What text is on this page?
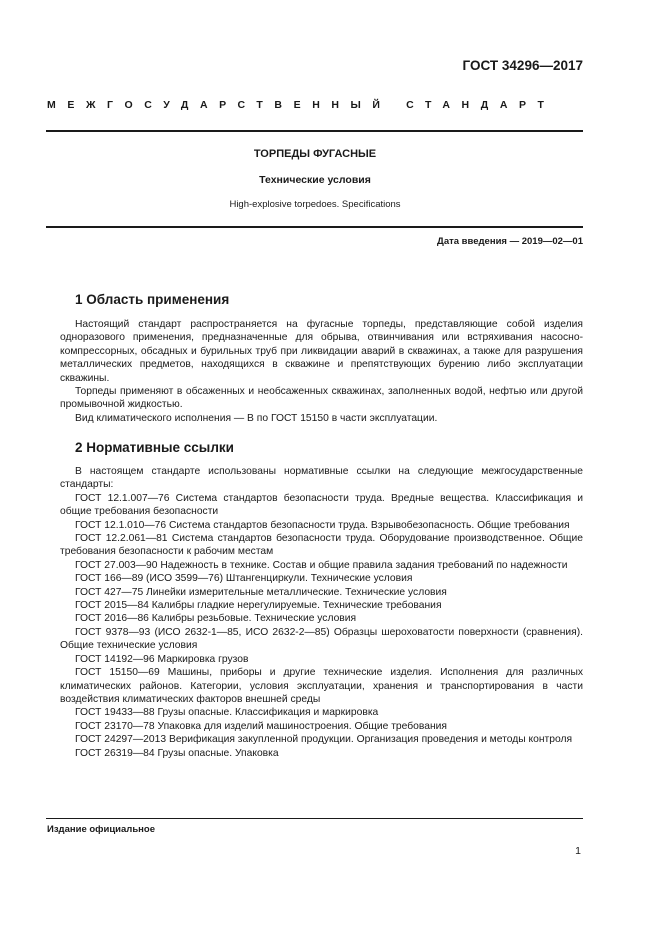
ГОСТ 34296—2017
МЕЖГОСУДАРСТВЕННЫЙ СТАНДАРТ
ТОРПЕДЫ ФУГАСНЫЕ
Технические условия
High-explosive torpedoes. Specifications
Дата введения — 2019—02—01
1 Область применения

Настоящий стандарт распространяется на фугасные торпеды, представляющие собой изделия одноразового применения, предназначенные для обрыва, отвинчивания или встряхивания насосно-компрессорных, обсадных и бурильных труб при ликвидации аварий в скважинах, а также для разрушения металлических предметов, находящихся в скважине и препятствующих бурению либо эксплуатации скважины.

Торпеды применяют в обсаженных и необсаженных скважинах, заполненных водой, нефтью или другой промывочной жидкостью.

Вид климатического исполнения — В по ГОСТ 15150 в части эксплуатации.

2 Нормативные ссылки

В настоящем стандарте использованы нормативные ссылки на следующие межгосударственные стандарты:

ГОСТ 12.1.007—76 Система стандартов безопасности труда. Вредные вещества. Классификация и общие требования безопасности

ГОСТ 12.1.010—76 Система стандартов безопасности труда. Взрывобезопасность. Общие требования

ГОСТ 12.2.061—81 Система стандартов безопасности труда. Оборудование производственное. Общие требования безопасности к рабочим местам

ГОСТ 27.003—90 Надежность в технике. Состав и общие правила задания требований по надежности

ГОСТ 166—89 (ИСО 3599—76) Штангенциркули. Технические условия

ГОСТ 427—75 Линейки измерительные металлические. Технические условия

ГОСТ 2015—84 Калибры гладкие нерегулируемые. Технические требования

ГОСТ 2016—86 Калибры резьбовые. Технические условия

ГОСТ 9378—93 (ИСО 2632-1—85, ИСО 2632-2—85) Образцы шероховатости поверхности (сравнения). Общие технические условия

ГОСТ 14192—96 Маркировка грузов

ГОСТ 15150—69 Машины, приборы и другие технические изделия. Исполнения для различных климатических районов. Категории, условия эксплуатации, хранения и транспортирования в части воздействия климатических факторов внешней среды

ГОСТ 19433—88 Грузы опасные. Классификация и маркировка

ГОСТ 23170—78 Упаковка для изделий машиностроения. Общие требования

ГОСТ 24297—2013 Верификация закупленной продукции. Организация проведения и методы контроля

ГОСТ 26319—84 Грузы опасные. Упаковка

Издание официальное
1
